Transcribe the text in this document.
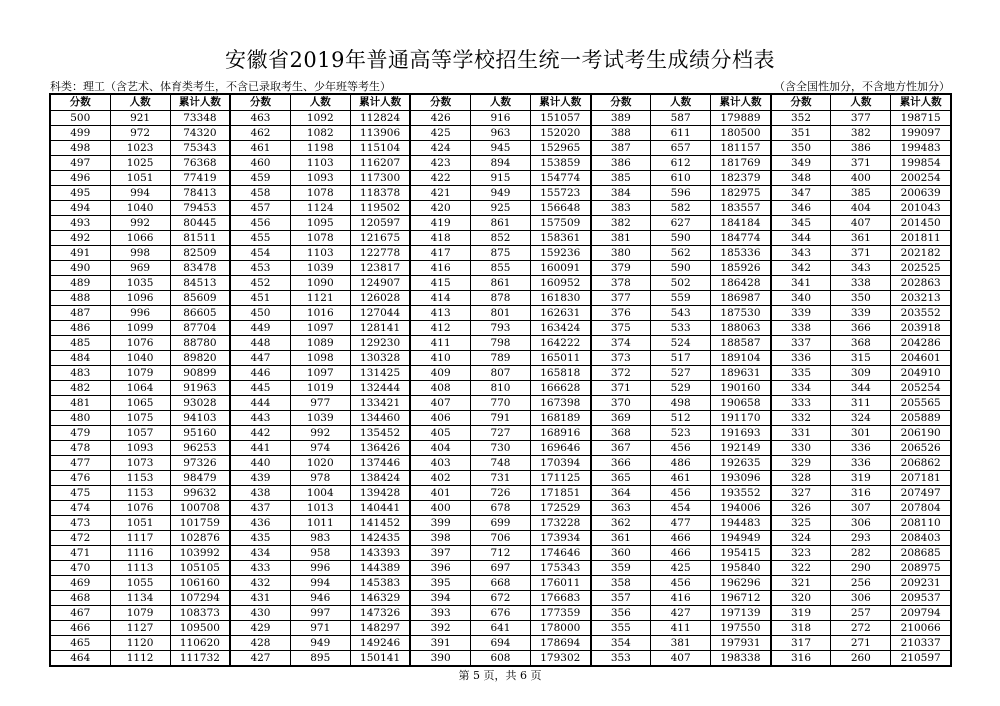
安徽省2019年普通高等学校招生统一考试考生成绩分档表
科类：理工（含艺术、体育类考生，不含已录取考生、少年班等考生）	（含全国性加分，不含地方性加分）
分数	人数	累计人数	分数	人数	累计人数	分数	人数	累计人数	分数	人数	累计人数	分数	人数	累计人数
500	921	73348	463	1092	112824	426	916	151057	389	587	179889	352	377	198715
499	972	74320	462	1082	113906	425	963	152020	388	611	180500	351	382	199097
498	1023	75343	461	1198	115104	424	945	152965	387	657	181157	350	386	199483
497	1025	76368	460	1103	116207	423	894	153859	386	612	181769	349	371	199854
496	1051	77419	459	1093	117300	422	915	154774	385	610	182379	348	400	200254
495	994	78413	458	1078	118378	421	949	155723	384	596	182975	347	385	200639
494	1040	79453	457	1124	119502	420	925	156648	383	582	183557	346	404	201043
493	992	80445	456	1095	120597	419	861	157509	382	627	184184	345	407	201450
492	1066	81511	455	1078	121675	418	852	158361	381	590	184774	344	361	201811
491	998	82509	454	1103	122778	417	875	159236	380	562	185336	343	371	202182
490	969	83478	453	1039	123817	416	855	160091	379	590	185926	342	343	202525
489	1035	84513	452	1090	124907	415	861	160952	378	502	186428	341	338	202863
488	1096	85609	451	1121	126028	414	878	161830	377	559	186987	340	350	203213
487	996	86605	450	1016	127044	413	801	162631	376	543	187530	339	339	203552
486	1099	87704	449	1097	128141	412	793	163424	375	533	188063	338	366	203918
485	1076	88780	448	1089	129230	411	798	164222	374	524	188587	337	368	204286
484	1040	89820	447	1098	130328	410	789	165011	373	517	189104	336	315	204601
483	1079	90899	446	1097	131425	409	807	165818	372	527	189631	335	309	204910
482	1064	91963	445	1019	132444	408	810	166628	371	529	190160	334	344	205254
481	1065	93028	444	977	133421	407	770	167398	370	498	190658	333	311	205565
480	1075	94103	443	1039	134460	406	791	168189	369	512	191170	332	324	205889
479	1057	95160	442	992	135452	405	727	168916	368	523	191693	331	301	206190
478	1093	96253	441	974	136426	404	730	169646	367	456	192149	330	336	206526
477	1073	97326	440	1020	137446	403	748	170394	366	486	192635	329	336	206862
476	1153	98479	439	978	138424	402	731	171125	365	461	193096	328	319	207181
475	1153	99632	438	1004	139428	401	726	171851	364	456	193552	327	316	207497
474	1076	100708	437	1013	140441	400	678	172529	363	454	194006	326	307	207804
473	1051	101759	436	1011	141452	399	699	173228	362	477	194483	325	306	208110
472	1117	102876	435	983	142435	398	706	173934	361	466	194949	324	293	208403
471	1116	103992	434	958	143393	397	712	174646	360	466	195415	323	282	208685
470	1113	105105	433	996	144389	396	697	175343	359	425	195840	322	290	208975
469	1055	106160	432	994	145383	395	668	176011	358	456	196296	321	256	209231
468	1134	107294	431	946	146329	394	672	176683	357	416	196712	320	306	209537
467	1079	108373	430	997	147326	393	676	177359	356	427	197139	319	257	209794
466	1127	109500	429	971	148297	392	641	178000	355	411	197550	318	272	210066
465	1120	110620	428	949	149246	391	694	178694	354	381	197931	317	271	210337
464	1112	111732	427	895	150141	390	608	179302	353	407	198338	316	260	210597
第 5 页，共 6 页
